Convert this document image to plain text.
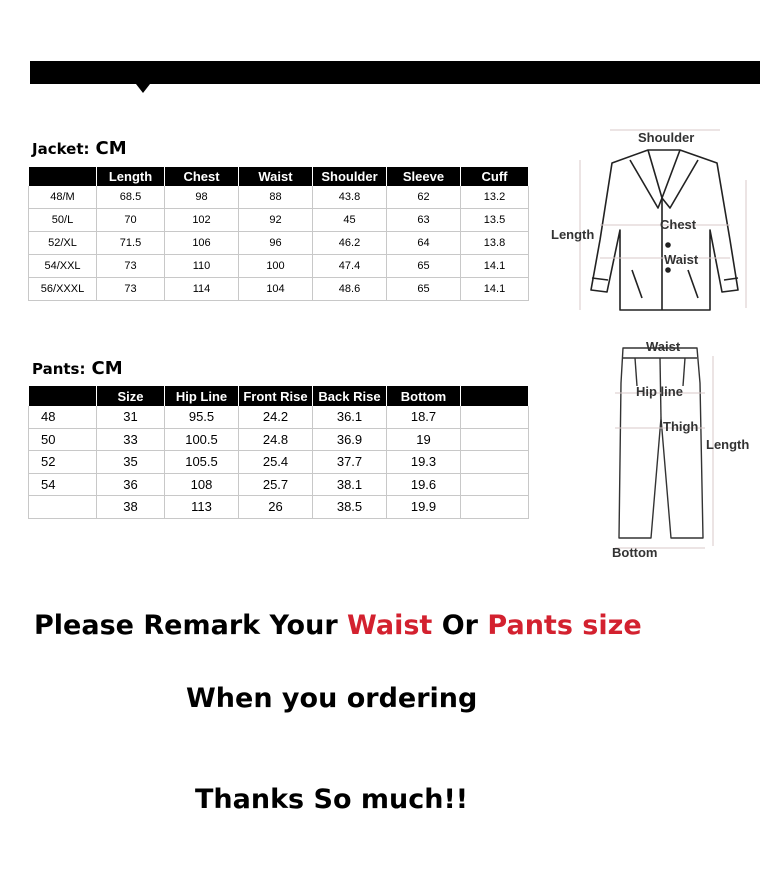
Jacket: CM
	Length	Chest	Waist	Shoulder	Sleeve	Cuff
48/M	68.5	98	88	43.8	62	13.2
50/L	70	102	92	45	63	13.5
52/XL	71.5	106	96	46.2	64	13.8
54/XXL	73	110	100	47.4	65	14.1
56/XXXL	73	114	104	48.6	65	14.1
Pants: CM
	Size	Hip Line	Front Rise	Back Rise	Bottom	
48	31	95.5	24.2	36.1	18.7	
50	33	100.5	24.8	36.9	19	
52	35	105.5	25.4	37.7	19.3	
54	36	108	25.7	38.1	19.6	
	38	113	26	38.5	19.9	
Shoulder
Length
Chest
Waist
Waist
Hip line
Thigh
Length
Bottom
Please Remark Your Waist Or Pants size
When you ordering
Thanks So much!!
